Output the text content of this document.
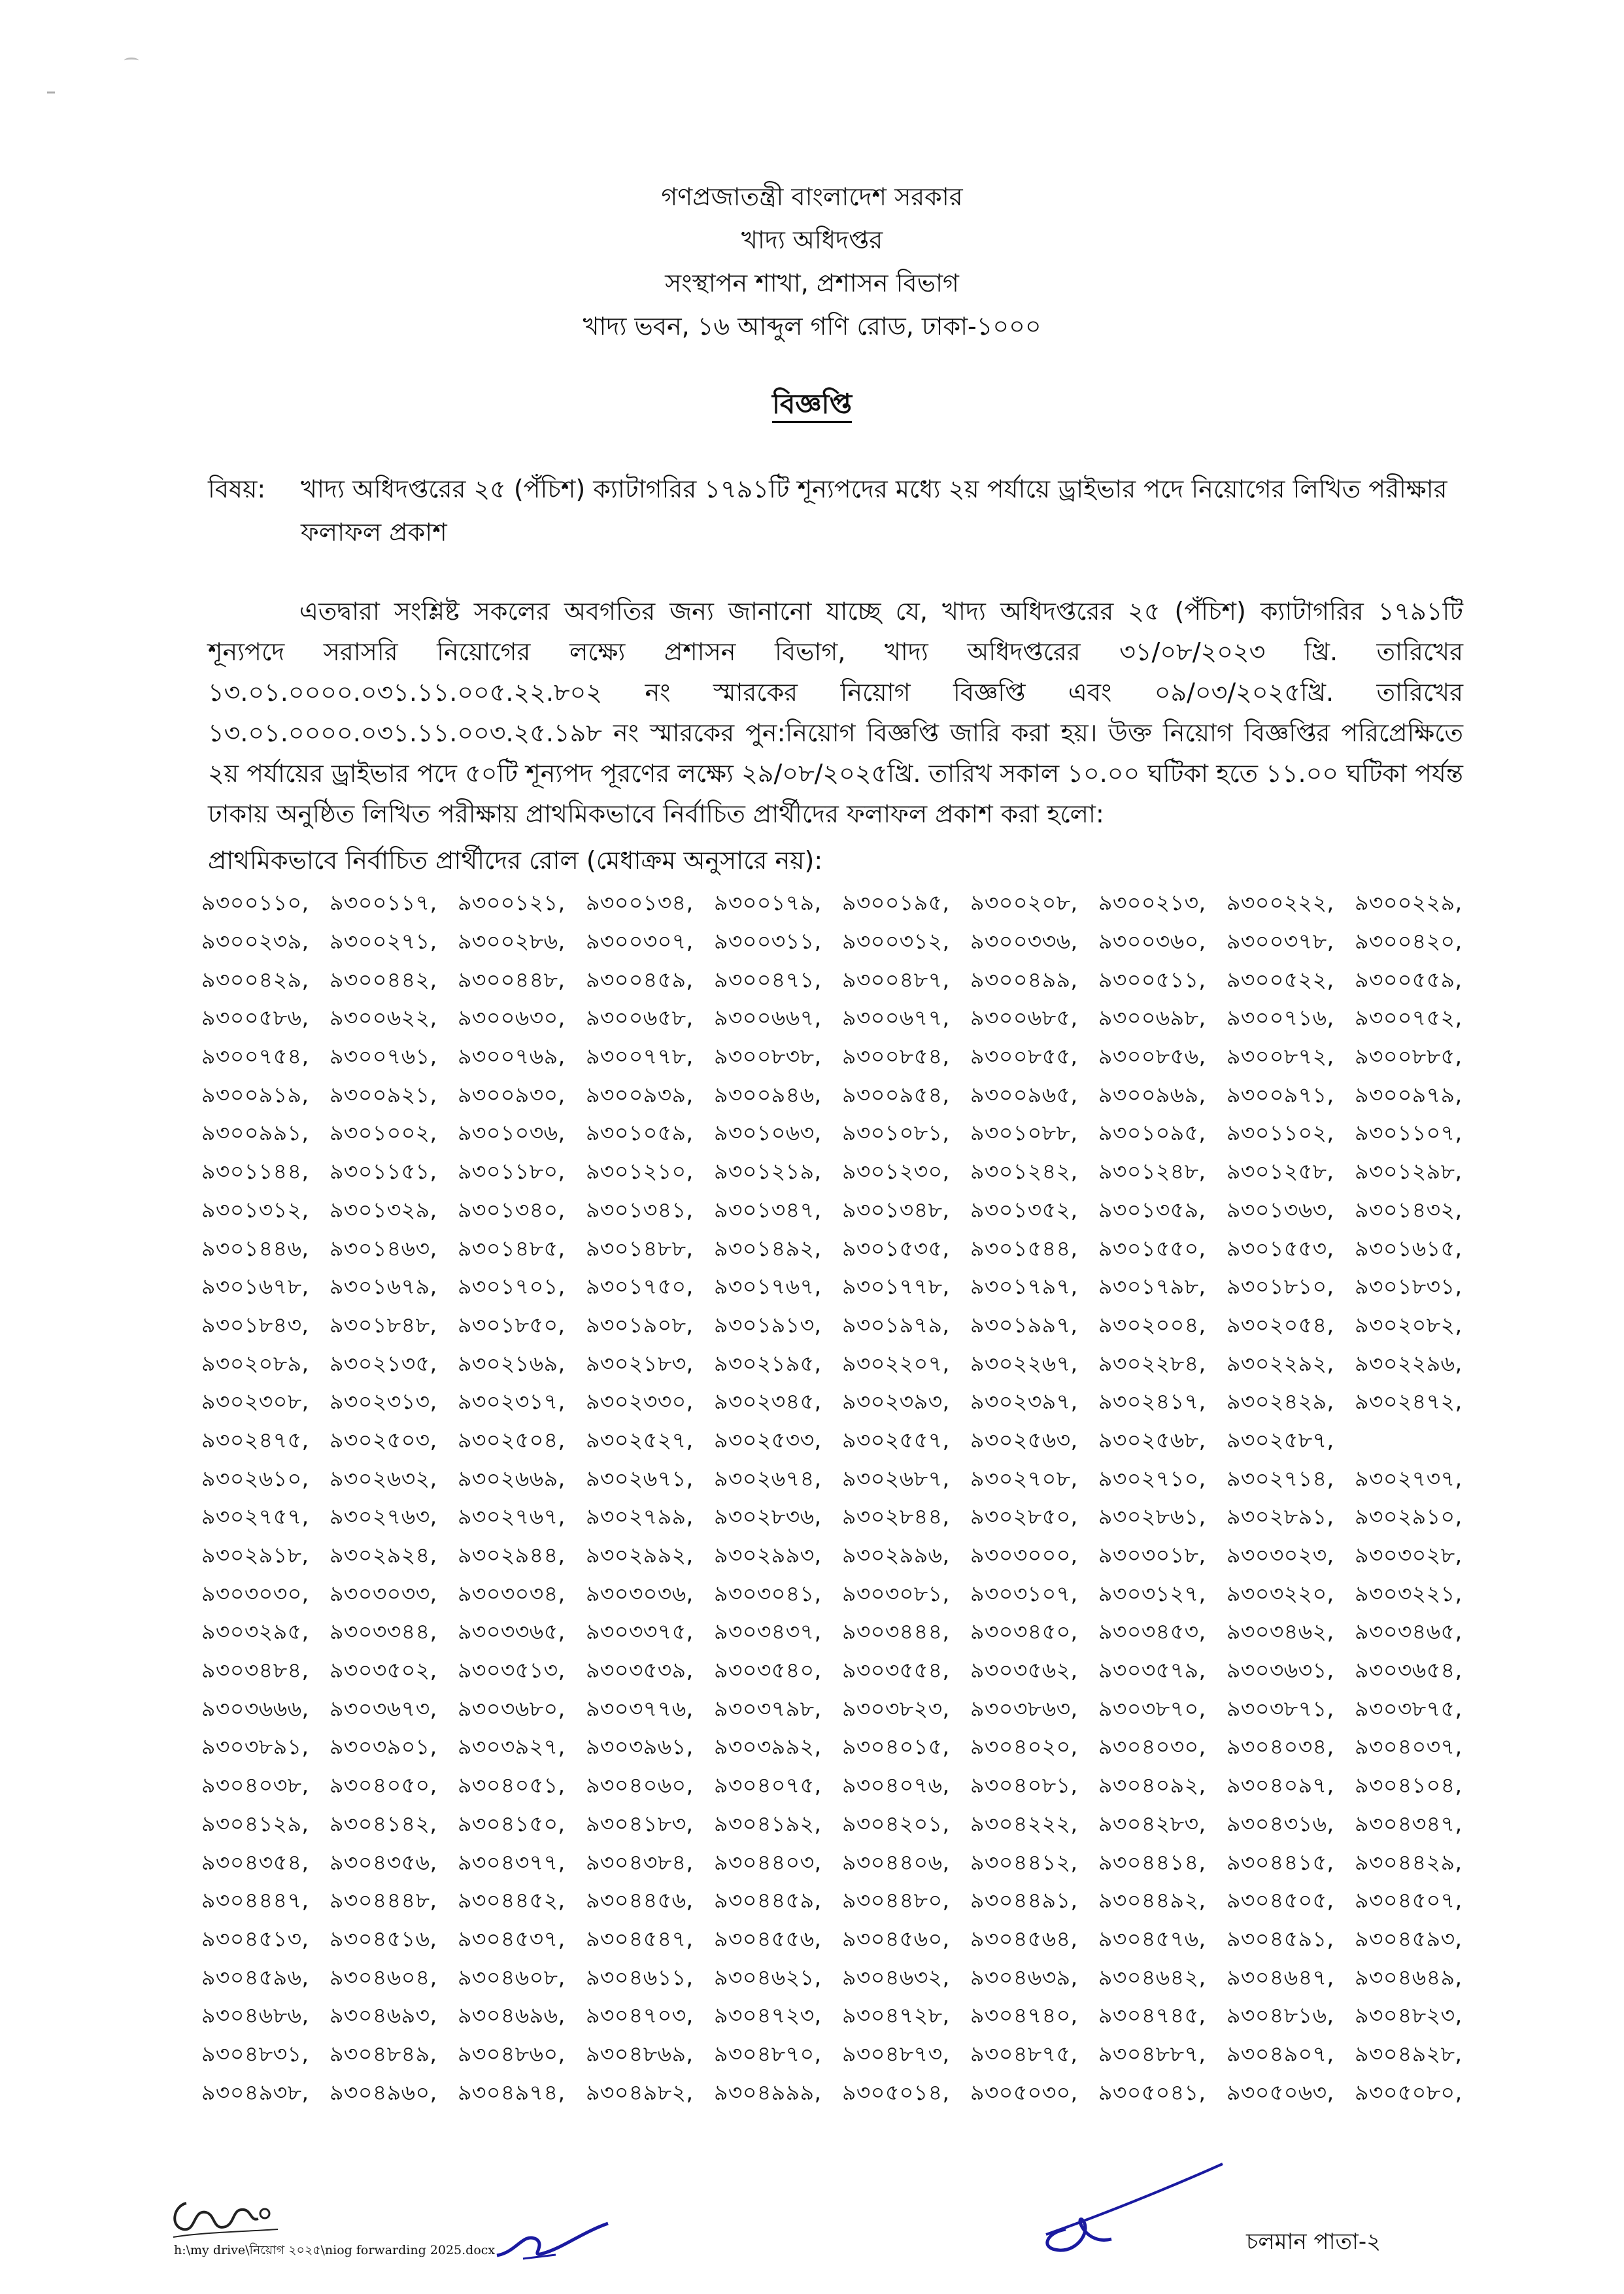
গণপ্রজাতন্ত্রী বাংলাদেশ সরকার
খাদ্য অধিদপ্তর
সংস্থাপন শাখা, প্রশাসন বিভাগ
খাদ্য ভবন, ১৬ আব্দুল গণি রোড, ঢাকা-১০০০
বিজ্ঞপ্তি
বিষয়: খাদ্য অধিদপ্তরের ২৫ (পঁচিশ) ক্যাটাগরির ১৭৯১টি শূন্যপদের মধ্যে ২য় পর্যায়ে ড্রাইভার পদে নিয়োগের লিখিত পরীক্ষার ফলাফল প্রকাশ
এতদ্বারা সংশ্লিষ্ট সকলের অবগতির জন্য জানানো যাচ্ছে যে, খাদ্য অধিদপ্তরের ২৫ (পঁচিশ) ক্যাটাগরির ১৭৯১টি শূন্যপদে সরাসরি নিয়োগের লক্ষ্যে প্রশাসন বিভাগ, খাদ্য অধিদপ্তরের ৩১/০৮/২০২৩ খ্রি. তারিখের ১৩.০১.০০০০.০৩১.১১.০০৫.২২.৮০২ নং স্মারকের নিয়োগ বিজ্ঞপ্তি এবং ০৯/০৩/২০২৫খ্রি. তারিখের ১৩.০১.০০০০.০৩১.১১.০০৩.২৫.১৯৮ নং স্মারকের পুন:নিয়োগ বিজ্ঞপ্তি জারি করা হয়। উক্ত নিয়োগ বিজ্ঞপ্তির পরিপ্রেক্ষিতে ২য় পর্যায়ের ড্রাইভার পদে ৫০টি শূন্যপদ পূরণের লক্ষ্যে ২৯/০৮/২০২৫খ্রি. তারিখ সকাল ১০.০০ ঘটিকা হতে ১১.০০ ঘটিকা পর্যন্ত ঢাকায় অনুষ্ঠিত লিখিত পরীক্ষায় প্রাথমিকভাবে নির্বাচিত প্রার্থীদের ফলাফল প্রকাশ করা হলো:
প্রাথমিকভাবে নির্বাচিত প্রার্থীদের রোল (মেধাক্রম অনুসারে নয়):
৯৩০০১১০, ৯৩০০১১৭, ৯৩০০১২১, ৯৩০০১৩৪, ৯৩০০১৭৯, ৯৩০০১৯৫, ৯৩০০২০৮, ৯৩০০২১৩, ৯৩০০২২২, ৯৩০০২২৯,
৯৩০০২৩৯, ৯৩০০২৭১, ৯৩০০২৮৬, ৯৩০০৩০৭, ৯৩০০৩১১, ৯৩০০৩১২, ৯৩০০৩৩৬, ৯৩০০৩৬০, ৯৩০০৩৭৮, ৯৩০০৪২০,
৯৩০০৪২৯, ৯৩০০৪৪২, ৯৩০০৪৪৮, ৯৩০০৪৫৯, ৯৩০০৪৭১, ৯৩০০৪৮৭, ৯৩০০৪৯৯, ৯৩০০৫১১, ৯৩০০৫২২, ৯৩০০৫৫৯,
৯৩০০৫৮৬, ৯৩০০৬২২, ৯৩০০৬৩০, ৯৩০০৬৫৮, ৯৩০০৬৬৭, ৯৩০০৬৭৭, ৯৩০০৬৮৫, ৯৩০০৬৯৮, ৯৩০০৭১৬, ৯৩০০৭৫২,
৯৩০০৭৫৪, ৯৩০০৭৬১, ৯৩০০৭৬৯, ৯৩০০৭৭৮, ৯৩০০৮৩৮, ৯৩০০৮৫৪, ৯৩০০৮৫৫, ৯৩০০৮৫৬, ৯৩০০৮৭২, ৯৩০০৮৮৫,
৯৩০০৯১৯, ৯৩০০৯২১, ৯৩০০৯৩০, ৯৩০০৯৩৯, ৯৩০০৯৪৬, ৯৩০০৯৫৪, ৯৩০০৯৬৫, ৯৩০০৯৬৯, ৯৩০০৯৭১, ৯৩০০৯৭৯,
৯৩০০৯৯১, ৯৩০১০০২, ৯৩০১০৩৬, ৯৩০১০৫৯, ৯৩০১০৬৩, ৯৩০১০৮১, ৯৩০১০৮৮, ৯৩০১০৯৫, ৯৩০১১০২, ৯৩০১১০৭,
৯৩০১১৪৪, ৯৩০১১৫১, ৯৩০১১৮০, ৯৩০১২১০, ৯৩০১২১৯, ৯৩০১২৩০, ৯৩০১২৪২, ৯৩০১২৪৮, ৯৩০১২৫৮, ৯৩০১২৯৮,
৯৩০১৩১২, ৯৩০১৩২৯, ৯৩০১৩৪০, ৯৩০১৩৪১, ৯৩০১৩৪৭, ৯৩০১৩৪৮, ৯৩০১৩৫২, ৯৩০১৩৫৯, ৯৩০১৩৬৩, ৯৩০১৪৩২,
৯৩০১৪৪৬, ৯৩০১৪৬৩, ৯৩০১৪৮৫, ৯৩০১৪৮৮, ৯৩০১৪৯২, ৯৩০১৫৩৫, ৯৩০১৫৪৪, ৯৩০১৫৫০, ৯৩০১৫৫৩, ৯৩০১৬১৫,
৯৩০১৬৭৮, ৯৩০১৬৭৯, ৯৩০১৭০১, ৯৩০১৭৫০, ৯৩০১৭৬৭, ৯৩০১৭৭৮, ৯৩০১৭৯৭, ৯৩০১৭৯৮, ৯৩০১৮১০, ৯৩০১৮৩১,
৯৩০১৮৪৩, ৯৩০১৮৪৮, ৯৩০১৮৫০, ৯৩০১৯০৮, ৯৩০১৯১৩, ৯৩০১৯৭৯, ৯৩০১৯৯৭, ৯৩০২০০৪, ৯৩০২০৫৪, ৯৩০২০৮২,
৯৩০২০৮৯, ৯৩০২১৩৫, ৯৩০২১৬৯, ৯৩০২১৮৩, ৯৩০২১৯৫, ৯৩০২২০৭, ৯৩০২২৬৭, ৯৩০২২৮৪, ৯৩০২২৯২, ৯৩০২২৯৬,
৯৩০২৩০৮, ৯৩০২৩১৩, ৯৩০২৩১৭, ৯৩০২৩৩০, ৯৩০২৩৪৫, ৯৩০২৩৯৩, ৯৩০২৩৯৭, ৯৩০২৪১৭, ৯৩০২৪২৯, ৯৩০২৪৭২,
৯৩০২৪৭৫, ৯৩০২৫০৩, ৯৩০২৫০৪, ৯৩০২৫২৭, ৯৩০২৫৩৩, ৯৩০২৫৫৭, ৯৩০২৫৬৩, ৯৩০২৫৬৮, ৯৩০২৫৮৭,
৯৩০২৬১০, ৯৩০২৬৩২, ৯৩০২৬৬৯, ৯৩০২৬৭১, ৯৩০২৬৭৪, ৯৩০২৬৮৭, ৯৩০২৭০৮, ৯৩০২৭১০, ৯৩০২৭১৪, ৯৩০২৭৩৭,
৯৩০২৭৫৭, ৯৩০২৭৬৩, ৯৩০২৭৬৭, ৯৩০২৭৯৯, ৯৩০২৮৩৬, ৯৩০২৮৪৪, ৯৩০২৮৫০, ৯৩০২৮৬১, ৯৩০২৮৯১, ৯৩০২৯১০,
৯৩০২৯১৮, ৯৩০২৯২৪, ৯৩০২৯৪৪, ৯৩০২৯৯২, ৯৩০২৯৯৩, ৯৩০২৯৯৬, ৯৩০৩০০০, ৯৩০৩০১৮, ৯৩০৩০২৩, ৯৩০৩০২৮,
৯৩০৩০৩০, ৯৩০৩০৩৩, ৯৩০৩০৩৪, ৯৩০৩০৩৬, ৯৩০৩০৪১, ৯৩০৩০৮১, ৯৩০৩১০৭, ৯৩০৩১২৭, ৯৩০৩২২০, ৯৩০৩২২১,
৯৩০৩২৯৫, ৯৩০৩৩৪৪, ৯৩০৩৩৬৫, ৯৩০৩৩৭৫, ৯৩০৩৪৩৭, ৯৩০৩৪৪৪, ৯৩০৩৪৫০, ৯৩০৩৪৫৩, ৯৩০৩৪৬২, ৯৩০৩৪৬৫,
৯৩০৩৪৮৪, ৯৩০৩৫০২, ৯৩০৩৫১৩, ৯৩০৩৫৩৯, ৯৩০৩৫৪০, ৯৩০৩৫৫৪, ৯৩০৩৫৬২, ৯৩০৩৫৭৯, ৯৩০৩৬৩১, ৯৩০৩৬৫৪,
৯৩০৩৬৬৬, ৯৩০৩৬৭৩, ৯৩০৩৬৮০, ৯৩০৩৭৭৬, ৯৩০৩৭৯৮, ৯৩০৩৮২৩, ৯৩০৩৮৬৩, ৯৩০৩৮৭০, ৯৩০৩৮৭১, ৯৩০৩৮৭৫,
৯৩০৩৮৯১, ৯৩০৩৯০১, ৯৩০৩৯২৭, ৯৩০৩৯৬১, ৯৩০৩৯৯২, ৯৩০৪০১৫, ৯৩০৪০২০, ৯৩০৪০৩০, ৯৩০৪০৩৪, ৯৩০৪০৩৭,
৯৩০৪০৩৮, ৯৩০৪০৫০, ৯৩০৪০৫১, ৯৩০৪০৬০, ৯৩০৪০৭৫, ৯৩০৪০৭৬, ৯৩০৪০৮১, ৯৩০৪০৯২, ৯৩০৪০৯৭, ৯৩০৪১০৪,
৯৩০৪১২৯, ৯৩০৪১৪২, ৯৩০৪১৫০, ৯৩০৪১৮৩, ৯৩০৪১৯২, ৯৩০৪২০১, ৯৩০৪২২২, ৯৩০৪২৮৩, ৯৩০৪৩১৬, ৯৩০৪৩৪৭,
৯৩০৪৩৫৪, ৯৩০৪৩৫৬, ৯৩০৪৩৭৭, ৯৩০৪৩৮৪, ৯৩০৪৪০৩, ৯৩০৪৪০৬, ৯৩০৪৪১২, ৯৩০৪৪১৪, ৯৩০৪৪১৫, ৯৩০৪৪২৯,
৯৩০৪৪৪৭, ৯৩০৪৪৪৮, ৯৩০৪৪৫২, ৯৩০৪৪৫৬, ৯৩০৪৪৫৯, ৯৩০৪৪৮০, ৯৩০৪৪৯১, ৯৩০৪৪৯২, ৯৩০৪৫০৫, ৯৩০৪৫০৭,
৯৩০৪৫১৩, ৯৩০৪৫১৬, ৯৩০৪৫৩৭, ৯৩০৪৫৪৭, ৯৩০৪৫৫৬, ৯৩০৪৫৬০, ৯৩০৪৫৬৪, ৯৩০৪৫৭৬, ৯৩০৪৫৯১, ৯৩০৪৫৯৩,
৯৩০৪৫৯৬, ৯৩০৪৬০৪, ৯৩০৪৬০৮, ৯৩০৪৬১১, ৯৩০৪৬২১, ৯৩০৪৬৩২, ৯৩০৪৬৩৯, ৯৩০৪৬৪২, ৯৩০৪৬৪৭, ৯৩০৪৬৪৯,
৯৩০৪৬৮৬, ৯৩০৪৬৯৩, ৯৩০৪৬৯৬, ৯৩০৪৭০৩, ৯৩০৪৭২৩, ৯৩০৪৭২৮, ৯৩০৪৭৪০, ৯৩০৪৭৪৫, ৯৩০৪৮১৬, ৯৩০৪৮২৩,
৯৩০৪৮৩১, ৯৩০৪৮৪৯, ৯৩০৪৮৬০, ৯৩০৪৮৬৯, ৯৩০৪৮৭০, ৯৩০৪৮৭৩, ৯৩০৪৮৭৫, ৯৩০৪৮৮৭, ৯৩০৪৯০৭, ৯৩০৪৯২৮,
৯৩০৪৯৩৮, ৯৩০৪৯৬০, ৯৩০৪৯৭৪, ৯৩০৪৯৮২, ৯৩০৪৯৯৯, ৯৩০৫০১৪, ৯৩০৫০৩০, ৯৩০৫০৪১, ৯৩০৫০৬৩, ৯৩০৫০৮০,
h:\my drive\নিয়োগ ২০২৫\niog forwarding 2025.docx	চলমান পাতা-২
